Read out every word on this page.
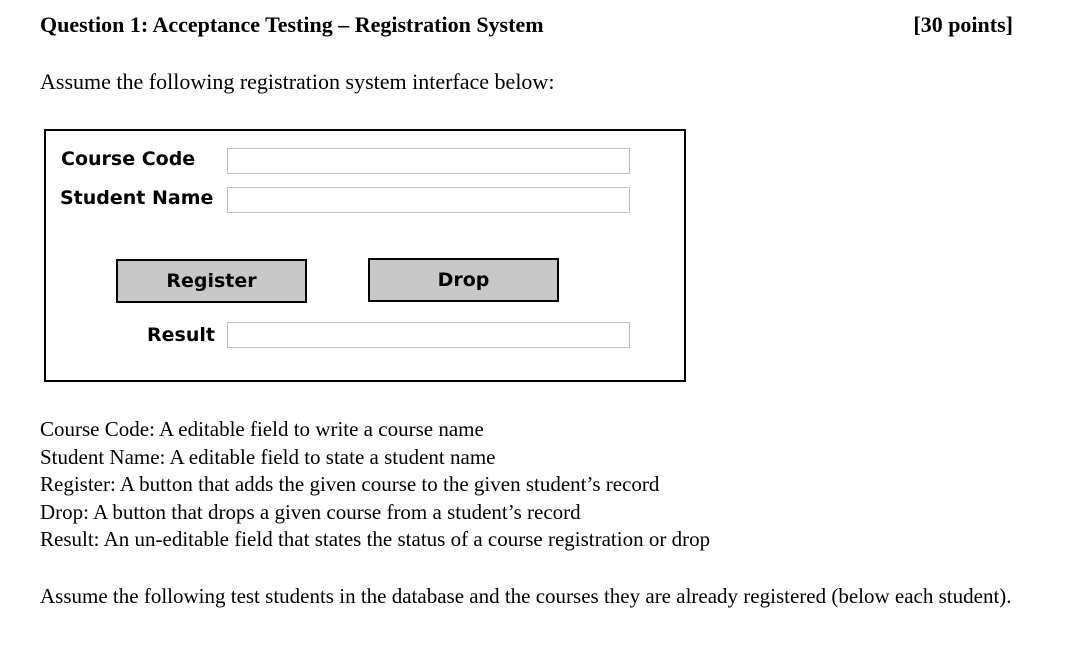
Question 1: Acceptance Testing – Registration System	[30 points]
Assume the following registration system interface below:
Course Code
Student Name
Register	Drop
Result
Course Code: A editable field to write a course name
Student Name: A editable field to state a student name
Register: A button that adds the given course to the given student’s record
Drop: A button that drops a given course from a student’s record
Result: An un-editable field that states the status of a course registration or drop
Assume the following test students in the database and the courses they are already registered (below each student).
